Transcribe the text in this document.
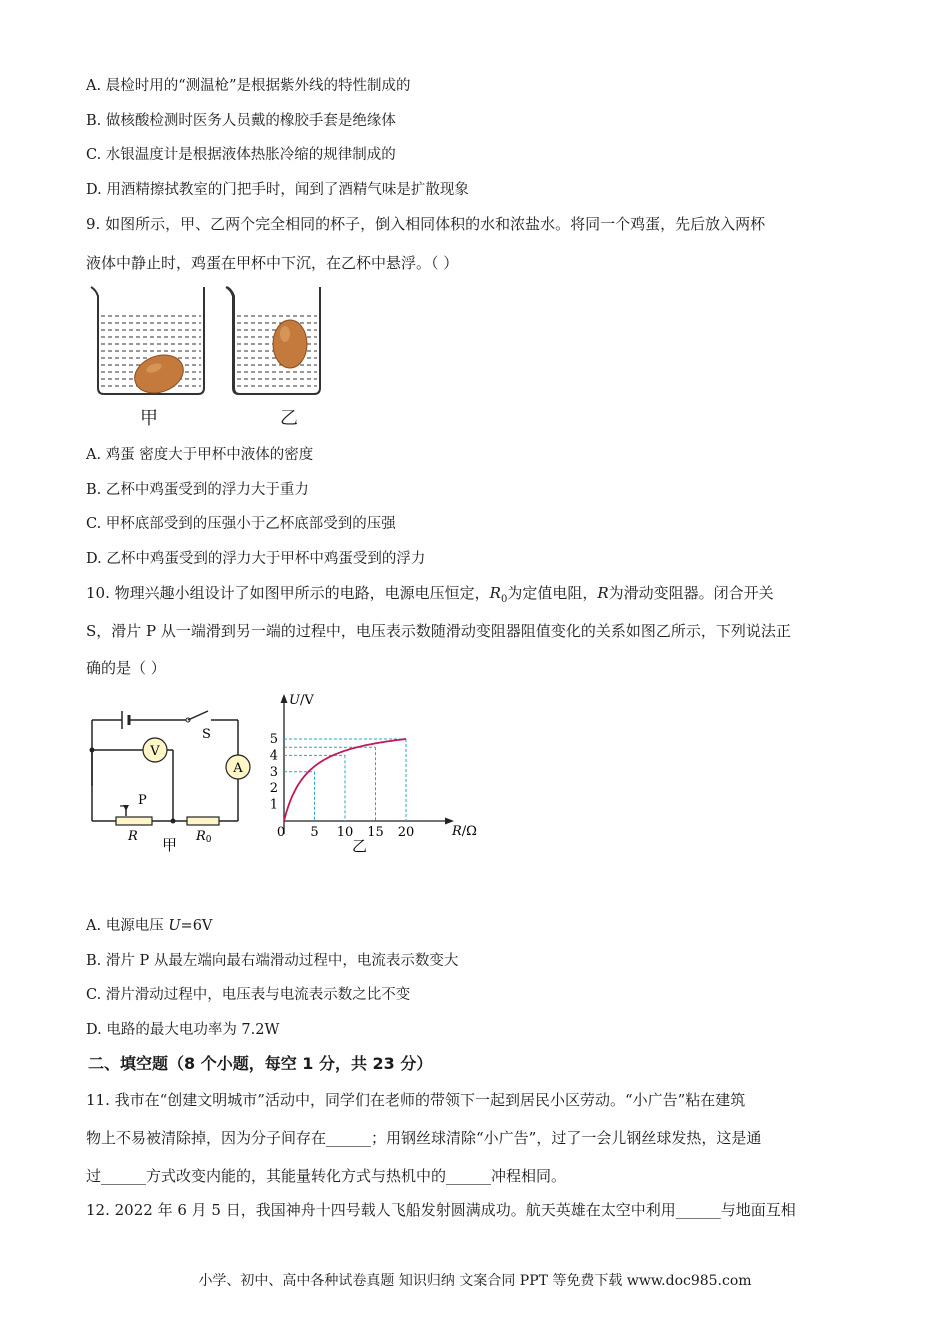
A. 晨检时用的“测温枪”是根据紫外线的特性制成的
B. 做核酸检测时医务人员戴的橡胶手套是绝缘体
C. 水银温度计是根据液体热胀冷缩的规律制成的
D. 用酒精擦拭教室的门把手时，闻到了酒精气味是扩散现象
9. 如图所示，甲、乙两个完全相同的杯子，倒入相同体积的水和浓盐水。将同一个鸡蛋，先后放入两杯
液体中静止时，鸡蛋在甲杯中下沉，在乙杯中悬浮。（ ）
甲	乙
A. 鸡蛋 密度大于甲杯中液体的密度
B. 乙杯中鸡蛋受到的浮力大于重力
C. 甲杯底部受到的压强小于乙杯底部受到的压强
D. 乙杯中鸡蛋受到的浮力大于甲杯中鸡蛋受到的浮力
10. 物理兴趣小组设计了如图甲所示的电路，电源电压恒定，$R_0$为定值电阻，R为滑动变阻器。闭合开关
S，滑片 P 从一端滑到另一端的过程中，电压表示数随滑动变阻器阻值变化的关系如图乙所示，下列说法正
确的是（ ）
S
V
A
P
R	R0
甲
U/V
R/Ω
0 5 10 15 20
1
2
3
4
5
乙
A. 电源电压 U=6V
B. 滑片 P 从最左端向最右端滑动过程中，电流表示数变大
C. 滑片滑动过程中，电压表与电流表示数之比不变
D. 电路的最大电功率为 7.2W
二、填空题（8 个小题，每空 1 分，共 23 分）
11. 我市在“创建文明城市”活动中，同学们在老师的带领下一起到居民小区劳动。“小广告”粘在建筑
物上不易被清除掉，因为分子间存在______；用钢丝球清除“小广告”，过了一会儿钢丝球发热，这是通
过______方式改变内能的，其能量转化方式与热机中的______冲程相同。
12. 2022 年 6 月 5 日，我国神舟十四号载人飞船发射圆满成功。航天英雄在太空中利用______与地面互相
小学、初中、高中各种试卷真题 知识归纳 文案合同 PPT 等免费下载 www.doc985.com
